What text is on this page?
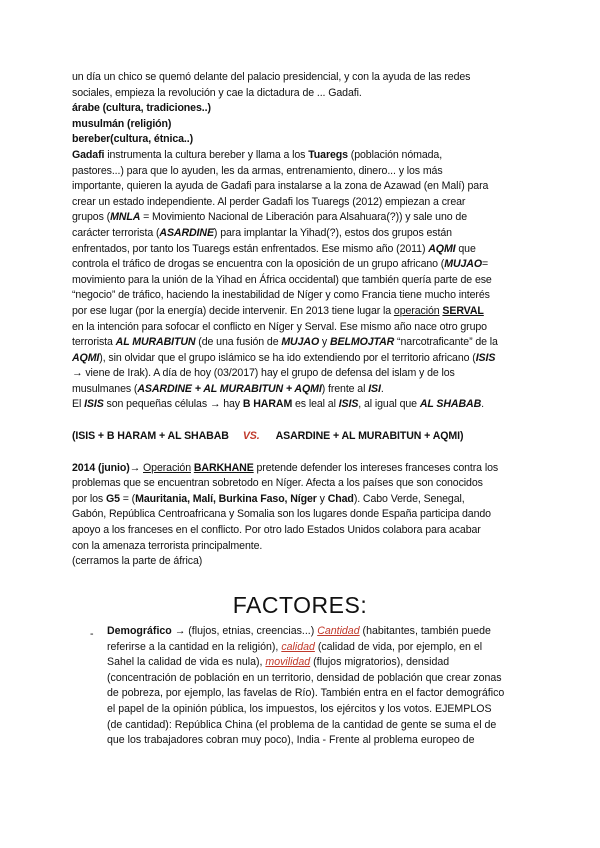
un día un chico se quemó delante del palacio presidencial, y con la ayuda de las redes
sociales, empieza la revolución y cae la dictadura de ... Gadafi.
árabe (cultura, tradiciones..)
musulmán (religión)
bereber(cultura, étnica..)
Gadafi instrumenta la cultura bereber y llama a los Tuaregs (población nómada,
pastores...) para que lo ayuden, les da armas, entrenamiento, dinero... y los más
importante, quieren la ayuda de Gadafi para instalarse a la zona de Azawad (en Malí) para
crear un estado independiente. Al perder Gadafi los Tuaregs (2012) empiezan a crear
grupos (MNLA = Movimiento Nacional de Liberación para Alsahuara(?)) y sale uno de
carácter terrorista (ASARDINE) para implantar la Yihad(?), estos dos grupos están
enfrentados, por tanto los Tuaregs están enfrentados. Ese mismo año (2011) AQMI que
controla el tráfico de drogas se encuentra con la oposición de un grupo africano (MUJAO=
movimiento para la unión de la Yihad en África occidental) que también quería parte de ese
“negocio” de tráfico, haciendo la inestabilidad de Níger y como Francia tiene mucho interés
por ese lugar (por la energía) decide intervenir. En 2013 tiene lugar la operación SERVAL
en la intención para sofocar el conflicto en Níger y Serval. Ese mismo año nace otro grupo
terrorista AL MURABITUN (de una fusión de MUJAO y BELMOJTAR “narcotraficante” de la
AQMI), sin olvidar que el grupo islámico se ha ido extendiendo por el territorio africano (ISIS
→ viene de Irak). A día de hoy (03/2017) hay el grupo de defensa del islam y de los
musulmanes (ASARDINE + AL MURABITUN + AQMI) frente al ISI.
El ISIS son pequeñas células → hay B HARAM es leal al ISIS, al igual que AL SHABAB.
(ISIS + B HARAM + AL SHABAB VS. ASARDINE + AL MURABITUN + AQMI)
2014 (junio)→ Operación BARKHANE pretende defender los intereses franceses contra los
problemas que se encuentran sobretodo en Níger. Afecta a los países que son conocidos
por los G5 = (Mauritania, Malí, Burkina Faso, Níger y Chad). Cabo Verde, Senegal,
Gabón, República Centroafricana y Somalia son los lugares donde España participa dando
apoyo a los franceses en el conflicto. Por otro lado Estados Unidos colabora para acabar
con la amenaza terrorista principalmente.
(cerramos la parte de áfrica)
FACTORES:
- Demográfico → (flujos, etnias, creencias...) Cantidad (habitantes, también puede
referirse a la cantidad en la religión), calidad (calidad de vida, por ejemplo, en el
Sahel la calidad de vida es nula), movilidad (flujos migratorios), densidad
(concentración de población en un territorio, densidad de población que crear zonas
de pobreza, por ejemplo, las favelas de Río). También entra en el factor demográfico
el papel de la opinión pública, los impuestos, los ejércitos y los votos. EJEMPLOS
(de cantidad): República China (el problema de la cantidad de gente se suma el de
que los trabajadores cobran muy poco), India - Frente al problema europeo de
